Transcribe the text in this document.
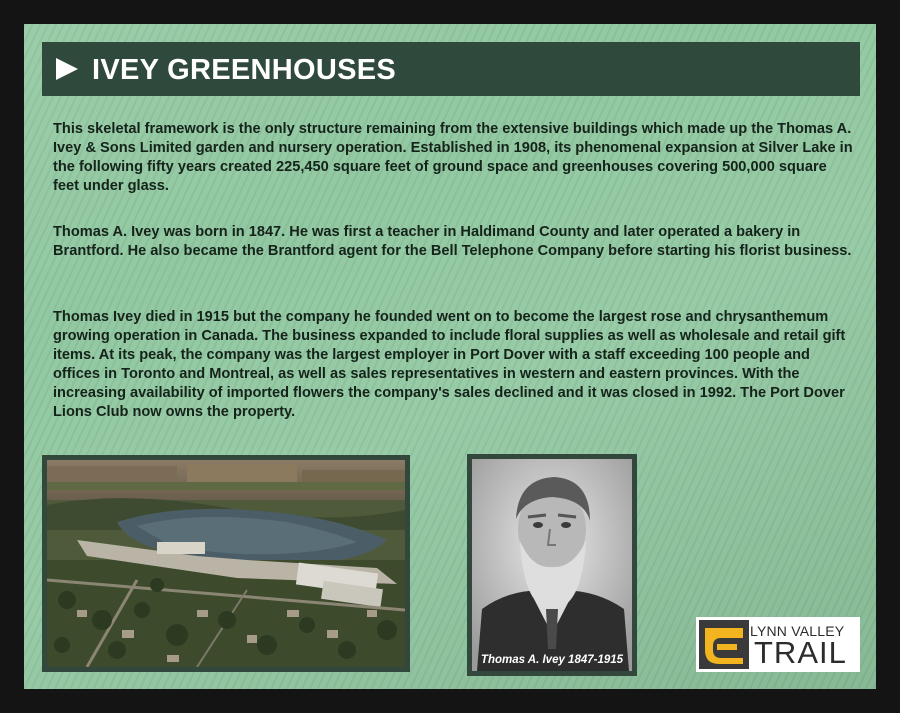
IVEY GREENHOUSES
This skeletal framework is the only structure remaining from the extensive buildings which made up the Thomas A. Ivey & Sons Limited garden and nursery operation. Established in 1908, its phenomenal expansion at Silver Lake in the following fifty years created 225,450 square feet of ground space and greenhouses covering 500,000 square feet under glass.
Thomas A. Ivey was born in 1847. He was first a teacher in Haldimand County and later operated a bakery in Brantford. He also became the Brantford agent for the Bell Telephone Company before starting his florist business.
Thomas Ivey died in 1915 but the company he founded went on to become the largest rose and chrysanthemum growing operation in Canada. The business expanded to include floral supplies as well as wholesale and retail gift items. At its peak, the company was the largest employer in Port Dover with a staff exceeding 100 people and offices in Toronto and Montreal, as well as sales representatives in western and eastern provinces. With the increasing availability of imported flowers the company's sales declined and it was closed in 1992. The Port Dover Lions Club now owns the property.
Thomas A. Ivey 1847-1915
LYNN VALLEY
TRAIL
